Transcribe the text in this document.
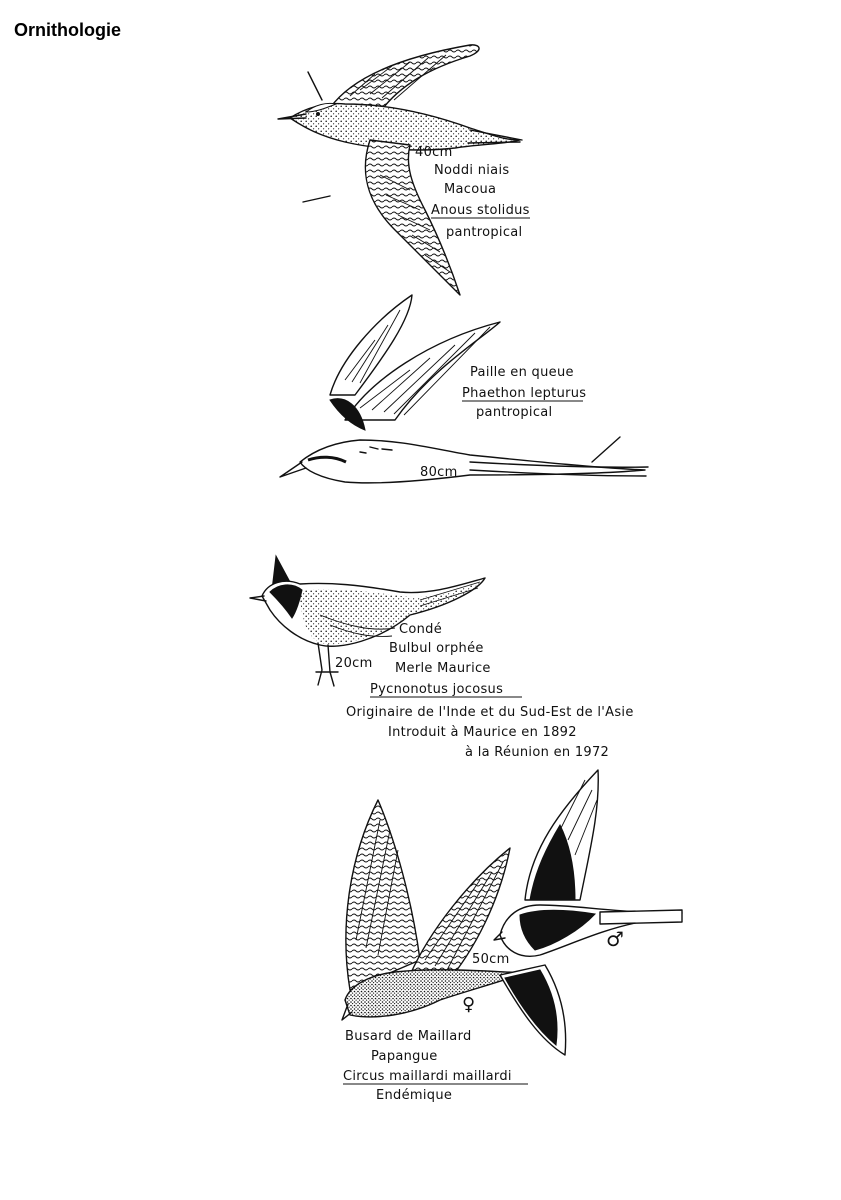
Ornithologie
40cm
Noddi niais
Macoua
Anous stolidus
pantropical
Paille en queue
Phaethon lepturus
pantropical
80cm
Condé
Bulbul orphée
20cm Merle Maurice
Pycnonotus jocosus
Originaire de l'Inde et du Sud-Est de l'Asie
Introduit à Maurice en 1892
à la Réunion en 1972
50cm
♀
♂
Busard de Maillard
Papangue
Circus maillardi maillardi
Endémique
